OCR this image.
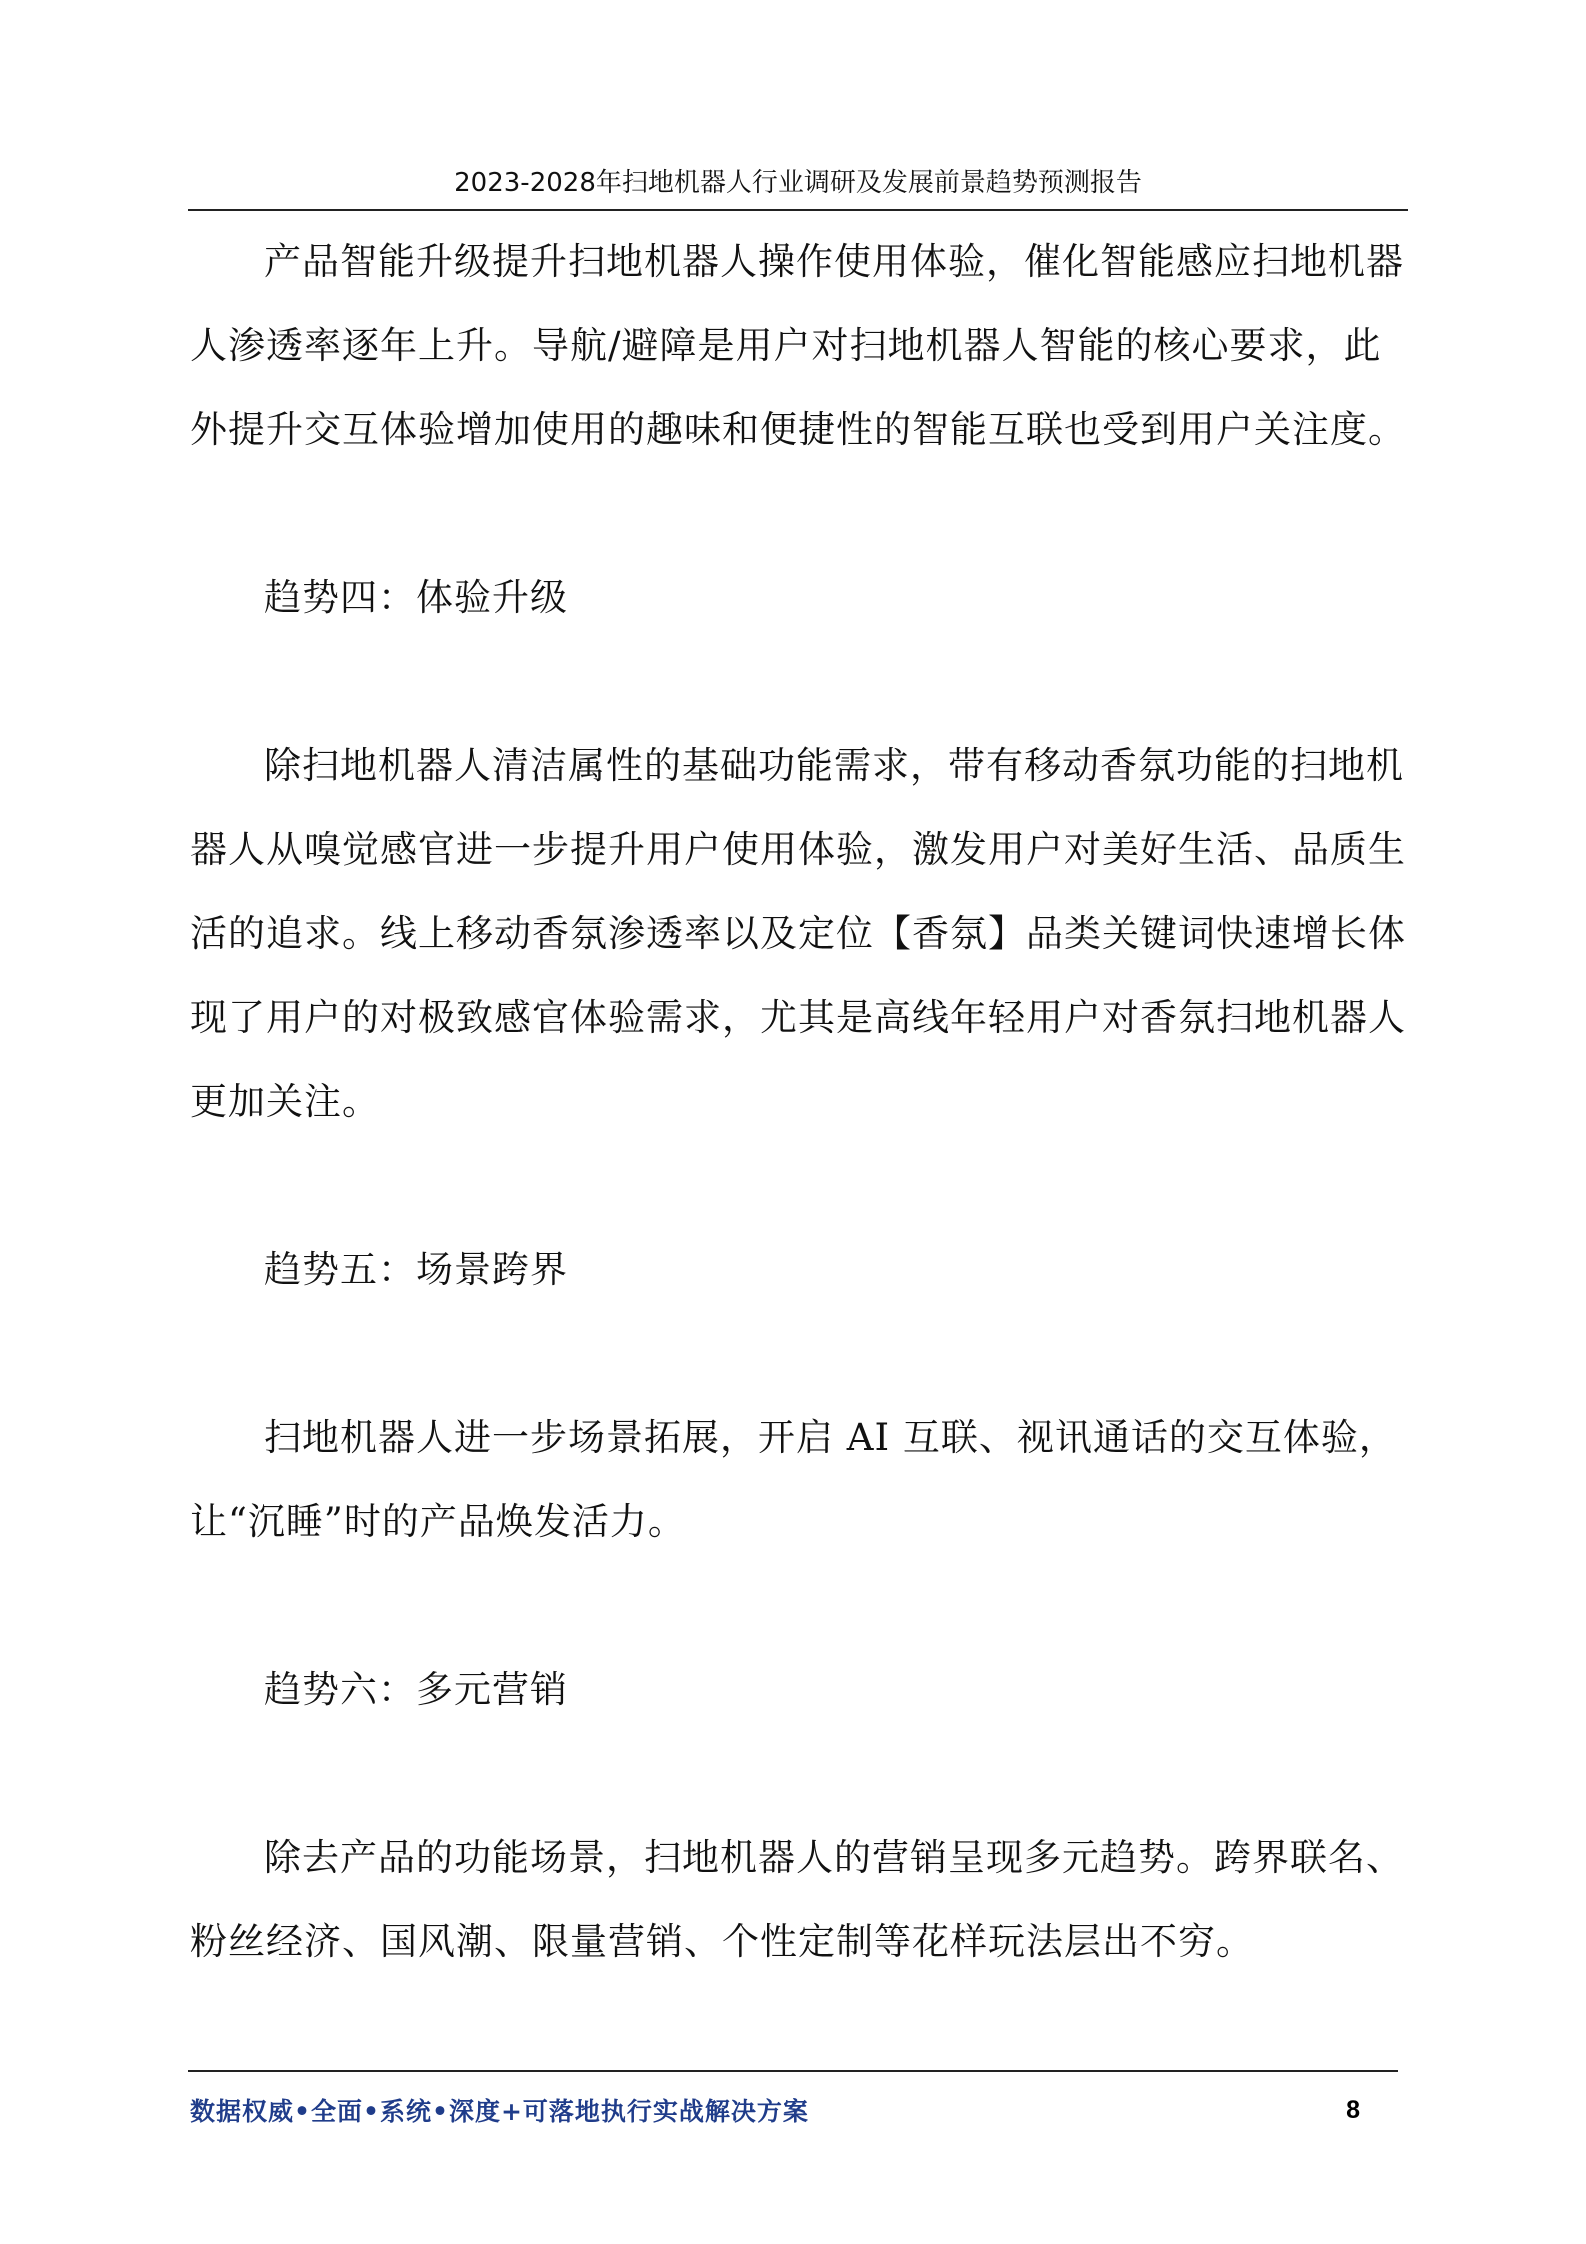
2023-2028年扫地机器人行业调研及发展前景趋势预测报告

产品智能升级提升扫地机器人操作使用体验，催化智能感应扫地机器人渗透率逐年上升。导航/避障是用户对扫地机器人智能的核心要求，此外提升交互体验增加使用的趣味和便捷性的智能互联也受到用户关注度。

趋势四：体验升级

除扫地机器人清洁属性的基础功能需求，带有移动香氛功能的扫地机器人从嗅觉感官进一步提升用户使用体验，激发用户对美好生活、品质生活的追求。线上移动香氛渗透率以及定位【香氛】品类关键词快速增长体现了用户的对极致感官体验需求，尤其是高线年轻用户对香氛扫地机器人更加关注。

趋势五：场景跨界

扫地机器人进一步场景拓展，开启 AI 互联、视讯通话的交互体验，让“沉睡”时的产品焕发活力。

趋势六：多元营销

除去产品的功能场景，扫地机器人的营销呈现多元趋势。跨界联名、粉丝经济、国风潮、限量营销、个性定制等花样玩法层出不穷。

数据权威•全面•系统•深度+可落地执行实战解决方案	8
